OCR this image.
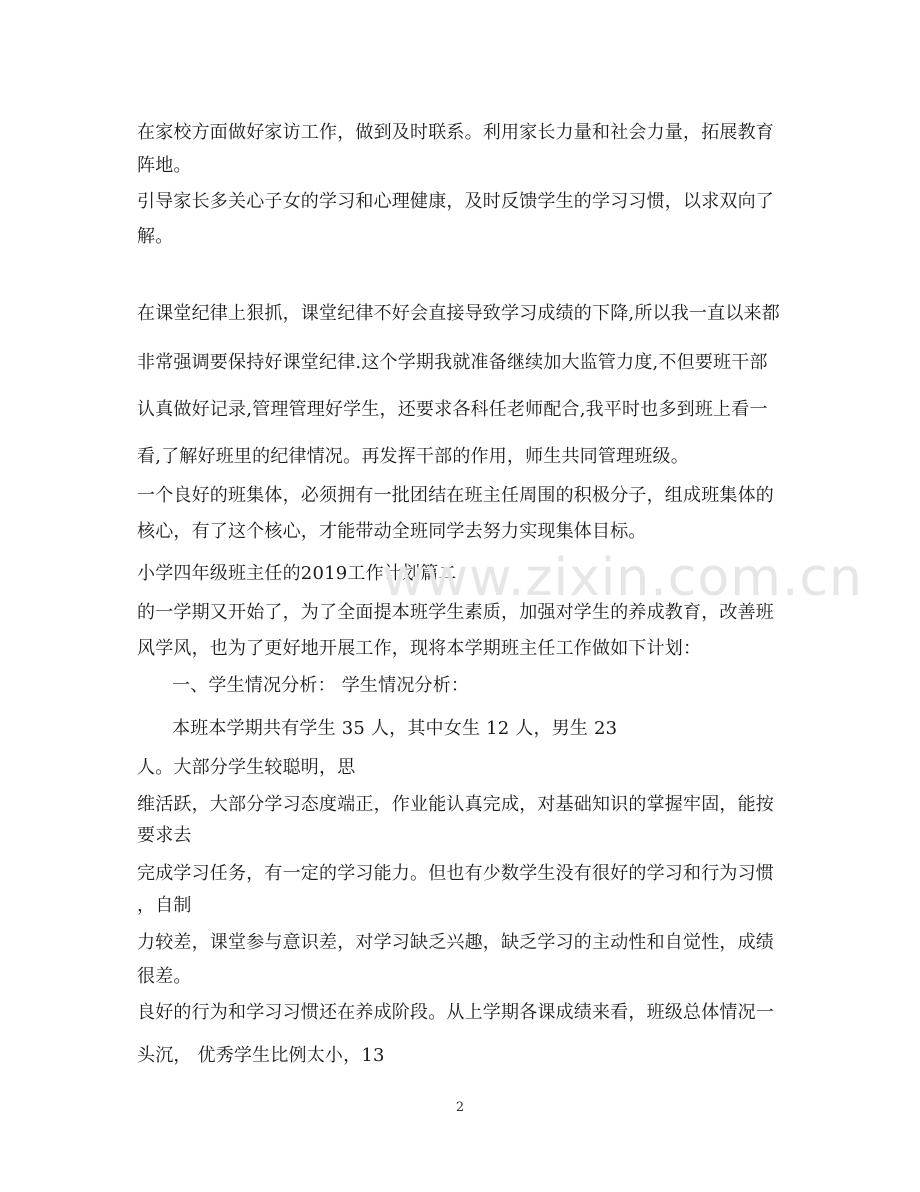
在家校方面做好家访工作，做到及时联系。利用家长力量和社会力量，拓展教育
阵地。
引导家长多关心子女的学习和心理健康，及时反馈学生的学习习惯，以求双向了
解。
在课堂纪律上狠抓，课堂纪律不好会直接导致学习成绩的下降,所以我一直以来都
非常强调要保持好课堂纪律.这个学期我就准备继续加大监管力度,不但要班干部
认真做好记录,管理管理好学生，还要求各科任老师配合,我平时也多到班上看一
看,了解好班里的纪律情况。再发挥干部的作用，师生共同管理班级。
一个良好的班集体，必须拥有一批团结在班主任周围的积极分子，组成班集体的
核心，有了这个核心，才能带动全班同学去努力实现集体目标。
小学四年级班主任的2019工作计划篇二
的一学期又开始了，为了全面提本班学生素质，加强对学生的养成教育，改善班
风学风，也为了更好地开展工作，现将本学期班主任工作做如下计划：
一、学生情况分析： 学生情况分析：
本班本学期共有学生 35 人，其中女生 12 人，男生 23
人。大部分学生较聪明，思
维活跃，大部分学习态度端正，作业能认真完成，对基础知识的掌握牢固，能按
要求去
完成学习任务，有一定的学习能力。但也有少数学生没有很好的学习和行为习惯
，自制
力较差，课堂参与意识差，对学习缺乏兴趣，缺乏学习的主动性和自觉性，成绩
很差。
良好的行为和学习习惯还在养成阶段。从上学期各课成绩来看，班级总体情况一
头沉， 优秀学生比例太小，13
www.zixin.com.cn
2
